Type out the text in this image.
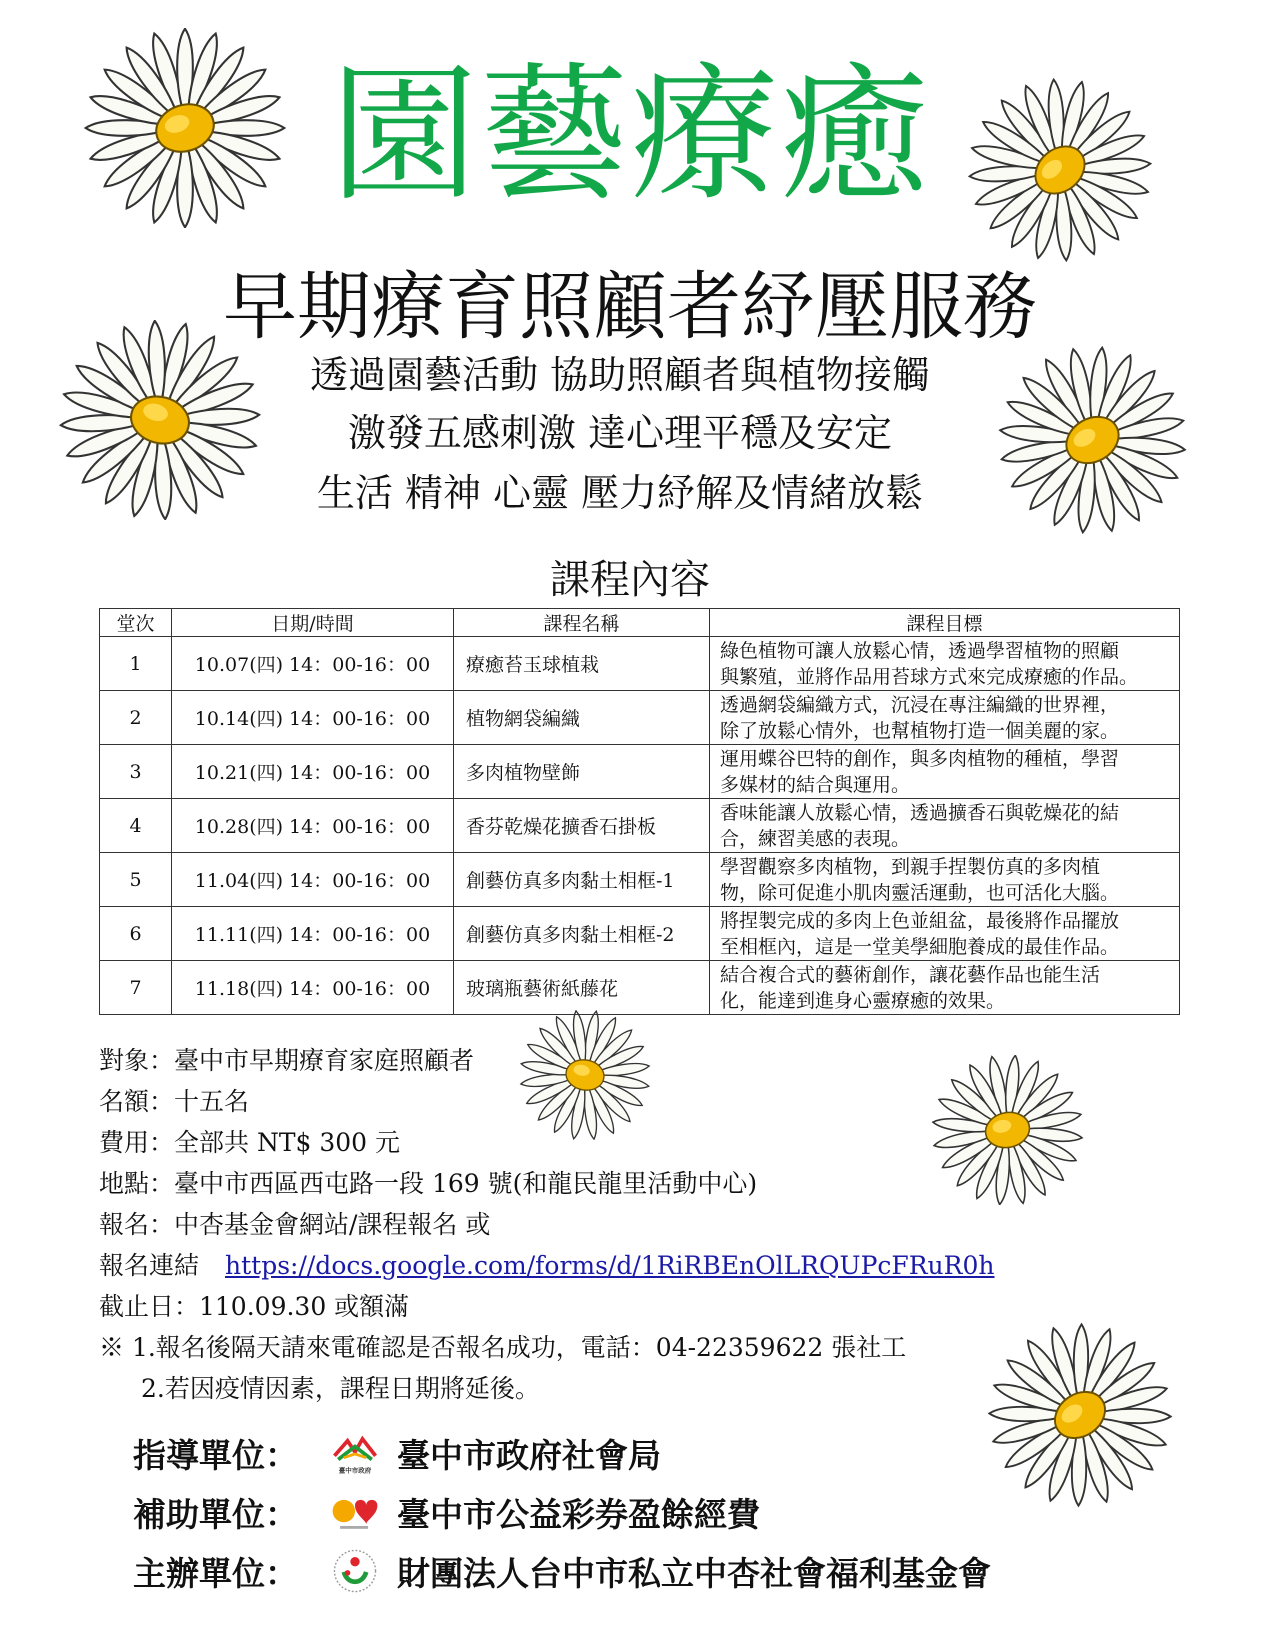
園藝療癒
早期療育照顧者紓壓服務
透過園藝活動 協助照顧者與植物接觸
激發五感刺激 達心理平穩及安定
生活 精神 心靈 壓力紓解及情緒放鬆
課程內容
堂次	日期/時間	課程名稱	課程目標
1	10.07(四) 14：00-16：00	療癒苔玉球植栽	綠色植物可讓人放鬆心情，透過學習植物的照顧
與繁殖，並將作品用苔球方式來完成療癒的作品。

2	10.14(四) 14：00-16：00	植物網袋編織	透過網袋編織方式，沉浸在專注編織的世界裡，
除了放鬆心情外，也幫植物打造一個美麗的家。

3	10.21(四) 14：00-16：00	多肉植物壁飾	運用蝶谷巴特的創作，與多肉植物的種植，學習
多媒材的結合與運用。

4	10.28(四) 14：00-16：00	香芬乾燥花擴香石掛板	香味能讓人放鬆心情，透過擴香石與乾燥花的結
合，練習美感的表現。

5	11.04(四) 14：00-16：00	創藝仿真多肉黏土相框-1	學習觀察多肉植物，到親手捏製仿真的多肉植
物，除可促進小肌肉靈活運動，也可活化大腦。

6	11.11(四) 14：00-16：00	創藝仿真多肉黏土相框-2	將捏製完成的多肉上色並組盆，最後將作品擺放
至相框內，這是一堂美學細胞養成的最佳作品。

7	11.18(四) 14：00-16：00	玻璃瓶藝術紙藤花	結合複合式的藝術創作，讓花藝作品也能生活
化，能達到進身心靈療癒的效果。
對象：臺中市早期療育家庭照顧者
名額：十五名
費用：全部共 NT$ 300 元
地點：臺中市西區西屯路一段 169 號(和龍民龍里活動中心)
報名：中杏基金會網站/課程報名 或
報名連結 https://docs.google.com/forms/d/1RiRBEnOlLRQUPcFRuR0h
截止日：110.09.30 或額滿
※ 1.報名後隔天請來電確認是否報名成功，電話：04-22359622 張社工
2.若因疫情因素，課程日期將延後。
指導單位：	臺中市政府 臺中市政府社會局
補助單位：	臺中市公益彩券盈餘經費
主辦單位：	財團法人台中市私立中杏社會福利基金會
